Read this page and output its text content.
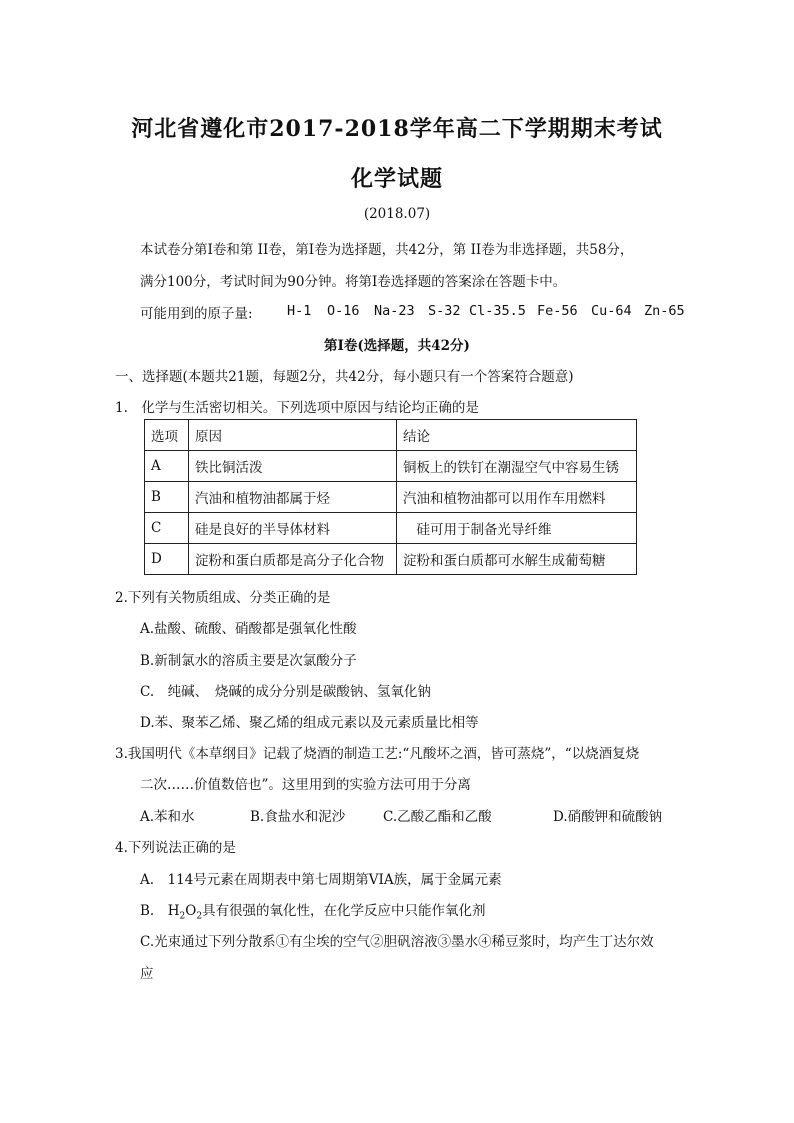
河北省遵化市2017-2018学年高二下学期期末考试
化学试题
(2018.07)
本试卷分第Ⅰ卷和第 II卷，第Ⅰ卷为选择题，共42分，第 II卷为非选择题，共58分，
满分100分，考试时间为90分钟。将第Ⅰ卷选择题的答案涂在答题卡中。
可能用到的原子量:	H-1 O-16 Na-23 S-32 Cl-35.5 Fe-56 Cu-64 Zn-65
第Ⅰ卷(选择题，共42分)
一、选择题(本题共21题，每题2分，共42分，每小题只有一个答案符合题意)
1.　化学与生活密切相关。下列选项中原因与结论均正确的是
选项	原因	结论
A	铁比铜活泼	铜板上的铁钉在潮湿空气中容易生锈
B	汽油和植物油都属于烃	汽油和植物油都可以用作车用燃料
C	硅是良好的半导体材料	　硅可用于制备光导纤维
D	淀粉和蛋白质都是高分子化合物	淀粉和蛋白质都可水解生成葡萄糖
2.下列有关物质组成、分类正确的是
A.盐酸、硫酸、硝酸都是强氧化性酸
B.新制氯水的溶质主要是次氯酸分子
C.　纯碱、　烧碱的成分分别是碳酸钠、氢氧化钠
D.苯、聚苯乙烯、聚乙烯的组成元素以及元素质量比相等
3.我国明代《本草纲目》记载了烧酒的制造工艺:“凡酸坏之酒，皆可蒸烧”，“以烧酒复烧
二次……价值数倍也”。这里用到的实验方法可用于分离
A.苯和水	B.食盐水和泥沙	C.乙酸乙酯和乙酸	D.硝酸钾和硫酸钠
4.下列说法正确的是
A.　114号元素在周期表中第七周期第VIA族，属于金属元素
B.　$H_2O_2$具有很强的氧化性，在化学反应中只能作氧化剂
C.光束通过下列分散系①有尘埃的空气②胆矾溶液③墨水④稀豆浆时，均产生丁达尔效
应
